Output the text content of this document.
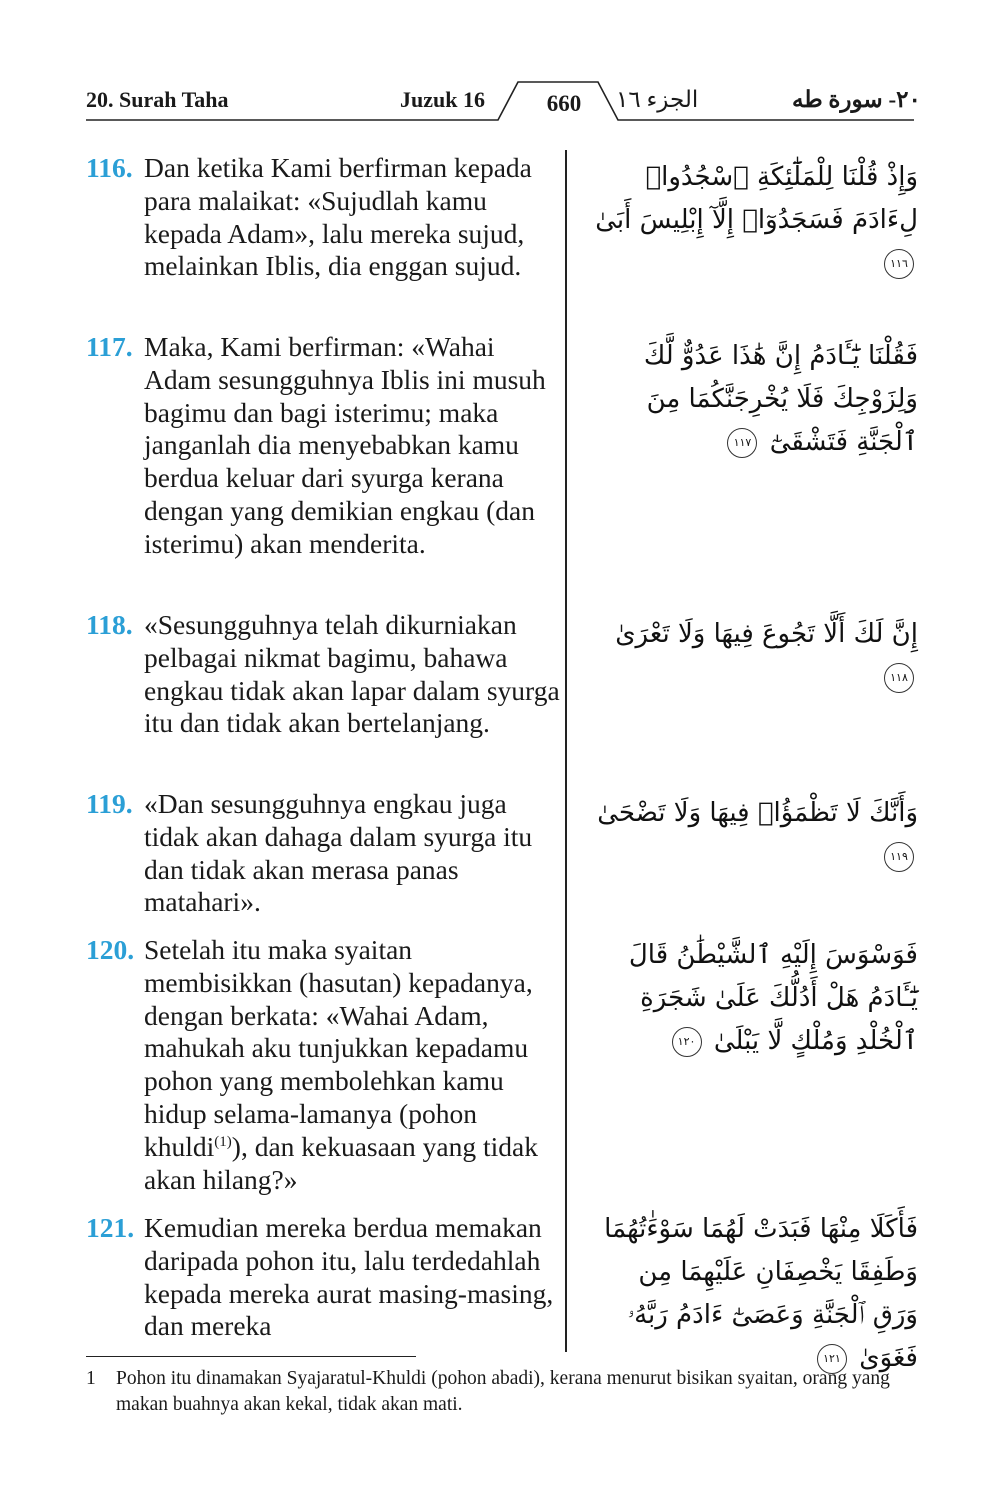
20. Surah Taha	Juzuk 16	660	الجزء ١٦	٢٠- سورة طه
116. Dan ketika Kami berfirman kepada para malaikat: «Sujudlah kamu kepada Adam», lalu mereka sujud, melainkan Iblis, dia enggan sujud.
وَإِذْ قُلْنَا لِلْمَلَٰٓئِكَةِ ٱسْجُدُوا۟ لِءَادَمَ فَسَجَدُوٓا۟ إِلَّآ إِبْلِيسَ أَبَىٰ ١١٦
117. Maka, Kami berfirman: «Wahai Adam sesungguhnya Iblis ini musuh bagimu dan bagi isterimu; maka janganlah dia menyebabkan kamu berdua keluar dari syurga kerana dengan yang demikian engkau (dan isterimu) akan menderita.
فَقُلْنَا يَٰٓـَٔادَمُ إِنَّ هَٰذَا عَدُوٌّ لَّكَ وَلِزَوْجِكَ فَلَا يُخْرِجَنَّكُمَا مِنَ ٱلْجَنَّةِ فَتَشْقَىٰٓ ١١٧
118. «Sesungguhnya telah dikurniakan pelbagai nikmat bagimu, bahawa engkau tidak akan lapar dalam syurga itu dan tidak akan bertelanjang.
إِنَّ لَكَ أَلَّا تَجُوعَ فِيهَا وَلَا تَعْرَىٰ ١١٨
119. «Dan sesungguhnya engkau juga tidak akan dahaga dalam syurga itu dan tidak akan merasa panas matahari».
وَأَنَّكَ لَا تَظْمَؤُا۟ فِيهَا وَلَا تَضْحَىٰ ١١٩
120. Setelah itu maka syaitan membisikkan (hasutan) kepadanya, dengan berkata: «Wahai Adam, mahukah aku tunjukkan kepadamu pohon yang membolehkan kamu hidup selama-lamanya (pohon khuldi$^{(1)}$), dan kekuasaan yang tidak akan hilang?»
فَوَسْوَسَ إِلَيْهِ ٱلشَّيْطَٰنُ قَالَ يَٰٓـَٔادَمُ هَلْ أَدُلُّكَ عَلَىٰ شَجَرَةِ ٱلْخُلْدِ وَمُلْكٍ لَّا يَبْلَىٰ ١٢٠
121. Kemudian mereka berdua memakan daripada pohon itu, lalu terdedahlah kepada mereka aurat masing-masing, dan mereka
فَأَكَلَا مِنْهَا فَبَدَتْ لَهُمَا سَوْءَٰتُهُمَا وَطَفِقَا يَخْصِفَانِ عَلَيْهِمَا مِن وَرَقِ ٱلْجَنَّةِ وَعَصَىٰٓ ءَادَمُ رَبَّهُۥ فَغَوَىٰ ١٢١
1 Pohon itu dinamakan Syajaratul-Khuldi (pohon abadi), kerana menurut bisikan syaitan, orang yang makan buahnya akan kekal, tidak akan mati.
